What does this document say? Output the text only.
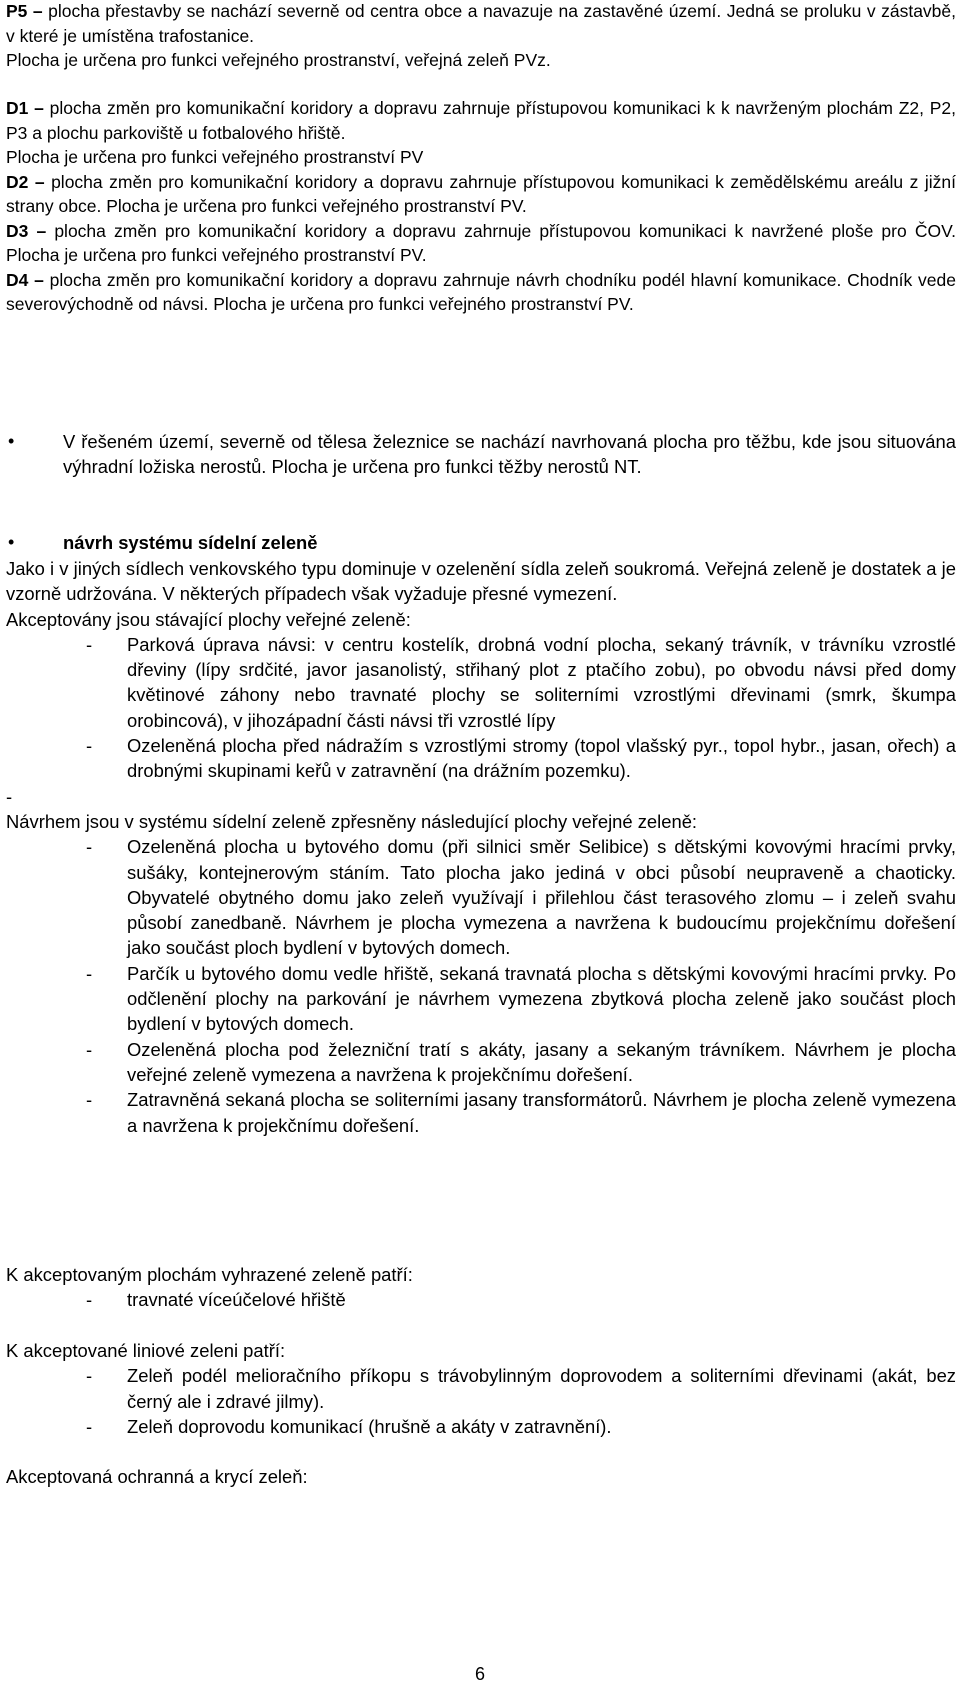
P5 – plocha přestavby se nachází severně od centra obce a navazuje na zastavěné území. Jedná se proluku v zástavbě, v které je umístěna trafostanice.

Plocha je určena pro funkci veřejného prostranství, veřejná zeleň PVz.

D1 – plocha změn pro komunikační koridory a dopravu zahrnuje přístupovou komunikaci k k navrženým plochám Z2, P2, P3 a plochu parkoviště u fotbalového hřiště.

Plocha je určena pro funkci veřejného prostranství PV

D2 – plocha změn pro komunikační koridory a dopravu zahrnuje přístupovou komunikaci k zemědělskému areálu z jižní strany obce. Plocha je určena pro funkci veřejného prostranství PV.

D3 – plocha změn pro komunikační koridory a dopravu zahrnuje přístupovou komunikaci k navržené ploše pro ČOV. Plocha je určena pro funkci veřejného prostranství PV.

D4 – plocha změn pro komunikační koridory a dopravu zahrnuje návrh chodníku podél hlavní komunikace. Chodník vede severovýchodně od návsi. Plocha je určena pro funkci veřejného prostranství PV.

•	V řešeném území, severně od tělesa železnice se nachází navrhovaná plocha pro těžbu, kde jsou situována výhradní ložiska nerostů. Plocha je určena pro funkci těžby nerostů NT.

•	návrh systému sídelní zeleně

Jako i v jiných sídlech venkovského typu dominuje v ozelenění sídla zeleň soukromá. Veřejná zeleně je dostatek a je vzorně udržována. V některých případech však vyžaduje přesné vymezení.

Akceptovány jsou stávající plochy veřejné zeleně:

- Parková úprava návsi: v centru kostelík, drobná vodní plocha, sekaný trávník, v trávníku vzrostlé dřeviny (lípy srdčité, javor jasanolistý, střihaný plot z ptačího zobu), po obvodu návsi před domy květinové záhony nebo travnaté plochy se soliterními vzrostlými dřevinami (smrk, škumpa orobincová), v jihozápadní části návsi tři vzrostlé lípy
- Ozeleněná plocha před nádražím s vzrostlými stromy (topol vlašský pyr., topol hybr., jasan, ořech) a drobnými skupinami keřů v zatravnění (na drážním pozemku).

-

Návrhem jsou v systému sídelní zeleně zpřesněny následující plochy veřejné zeleně:

- Ozeleněná plocha u bytového domu (při silnici směr Selibice) s dětskými kovovými hracími prvky, sušáky, kontejnerovým stáním. Tato plocha jako jediná v obci působí neupraveně a chaoticky. Obyvatelé obytného domu jako zeleň využívají i přilehlou část terasového zlomu – i zeleň svahu působí zanedbaně. Návrhem je plocha vymezena a navržena k budoucímu projekčnímu dořešení jako součást ploch bydlení v bytových domech.
- Parčík u bytového domu vedle hřiště, sekaná travnatá plocha s dětskými kovovými hracími prvky. Po odčlenění plochy na parkování je návrhem vymezena zbytková plocha zeleně jako součást ploch bydlení v bytových domech.
- Ozeleněná plocha pod železniční tratí s akáty, jasany a sekaným trávníkem. Návrhem je plocha veřejné zeleně vymezena a navržena k projekčnímu dořešení.
- Zatravněná sekaná plocha se soliterními jasany transformátorů. Návrhem je plocha zeleně vymezena a navržena k projekčnímu dořešení.

K akceptovaným plochám vyhrazené zeleně patří:

- travnaté víceúčelové hřiště

K akceptované liniové zeleni patří:

- Zeleň podél melioračního příkopu s trávobylinným doprovodem a soliterními dřevinami (akát, bez černý ale i zdravé jilmy).
- Zeleň doprovodu komunikací (hrušně a akáty v zatravnění).

Akceptovaná ochranná a krycí zeleň:

6
